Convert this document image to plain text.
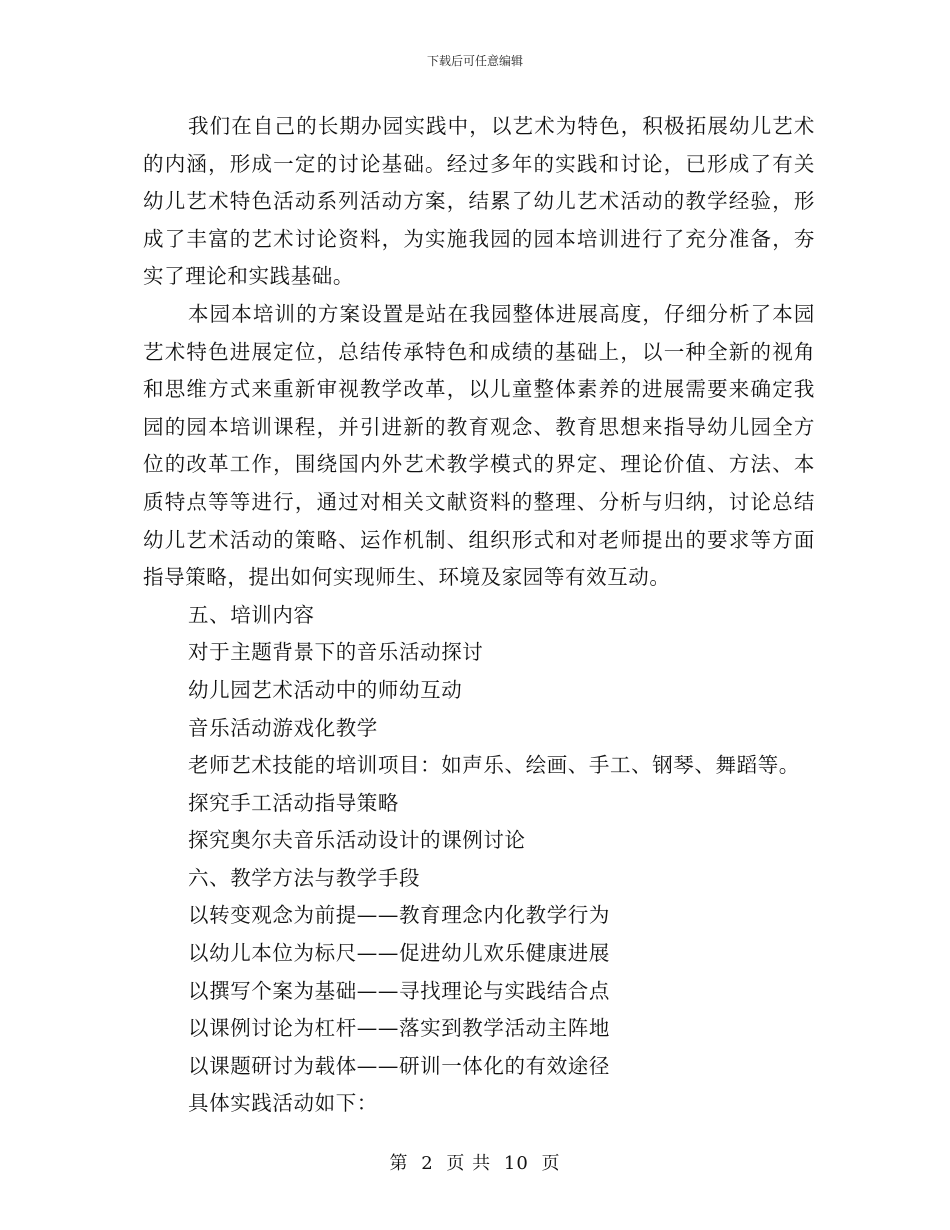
下载后可任意编辑

我们在自己的长期办园实践中，以艺术为特色，积极拓展幼儿艺术的内涵，形成一定的讨论基础。经过多年的实践和讨论，已形成了有关幼儿艺术特色活动系列活动方案，结累了幼儿艺术活动的教学经验，形成了丰富的艺术讨论资料，为实施我园的园本培训进行了充分准备，夯实了理论和实践基础。

本园本培训的方案设置是站在我园整体进展高度，仔细分析了本园艺术特色进展定位，总结传承特色和成绩的基础上，以一种全新的视角和思维方式来重新审视教学改革，以儿童整体素养的进展需要来确定我园的园本培训课程，并引进新的教育观念、教育思想来指导幼儿园全方位的改革工作，围绕国内外艺术教学模式的界定、理论价值、方法、本质特点等等进行，通过对相关文献资料的整理、分析与归纳，讨论总结幼儿艺术活动的策略、运作机制、组织形式和对老师提出的要求等方面指导策略，提出如何实现师生、环境及家园等有效互动。

五、培训内容

对于主题背景下的音乐活动探讨

幼儿园艺术活动中的师幼互动

音乐活动游戏化教学

老师艺术技能的培训项目：如声乐、绘画、手工、钢琴、舞蹈等。

探究手工活动指导策略

探究奥尔夫音乐活动设计的课例讨论

六、教学方法与教学手段

以转变观念为前提——教育理念内化教学行为

以幼儿本位为标尺——促进幼儿欢乐健康进展

以撰写个案为基础——寻找理论与实践结合点

以课例讨论为杠杆——落实到教学活动主阵地

以课题研讨为载体——研训一体化的有效途径

具体实践活动如下：

第 2 页 共 10 页
